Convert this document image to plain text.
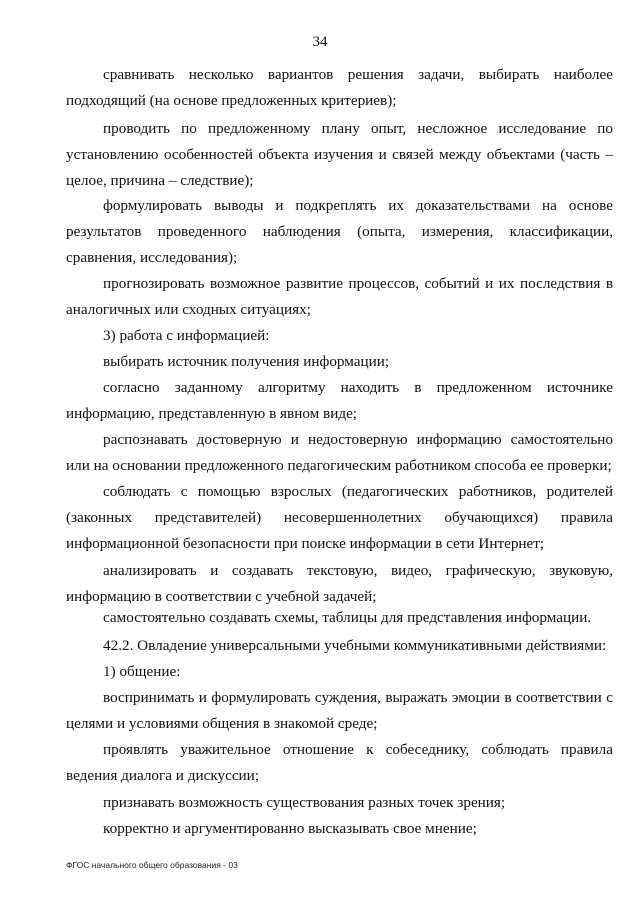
34

сравнивать несколько вариантов решения задачи, выбирать наиболее подходящий (на основе предложенных критериев);

проводить по предложенному плану опыт, несложное исследование по установлению особенностей объекта изучения и связей между объектами (часть – целое, причина – следствие);

формулировать выводы и подкреплять их доказательствами на основе результатов проведенного наблюдения (опыта, измерения, классификации, сравнения, исследования);

прогнозировать возможное развитие процессов, событий и их последствия в аналогичных или сходных ситуациях;

3) работа с информацией:

выбирать источник получения информации;

согласно заданному алгоритму находить в предложенном источнике информацию, представленную в явном виде;

распознавать достоверную и недостоверную информацию самостоятельно или на основании предложенного педагогическим работником способа ее проверки;

соблюдать с помощью взрослых (педагогических работников, родителей (законных представителей) несовершеннолетних обучающихся) правила информационной безопасности при поиске информации в сети Интернет;

анализировать и создавать текстовую, видео, графическую, звуковую, информацию в соответствии с учебной задачей;

самостоятельно создавать схемы, таблицы для представления информации.

42.2. Овладение универсальными учебными коммуникативными действиями:

1) общение:

воспринимать и формулировать суждения, выражать эмоции в соответствии с целями и условиями общения в знакомой среде;

проявлять уважительное отношение к собеседнику, соблюдать правила ведения диалога и дискуссии;

признавать возможность существования разных точек зрения;

корректно и аргументированно высказывать свое мнение;

ФГОС начального общего образования - 03
